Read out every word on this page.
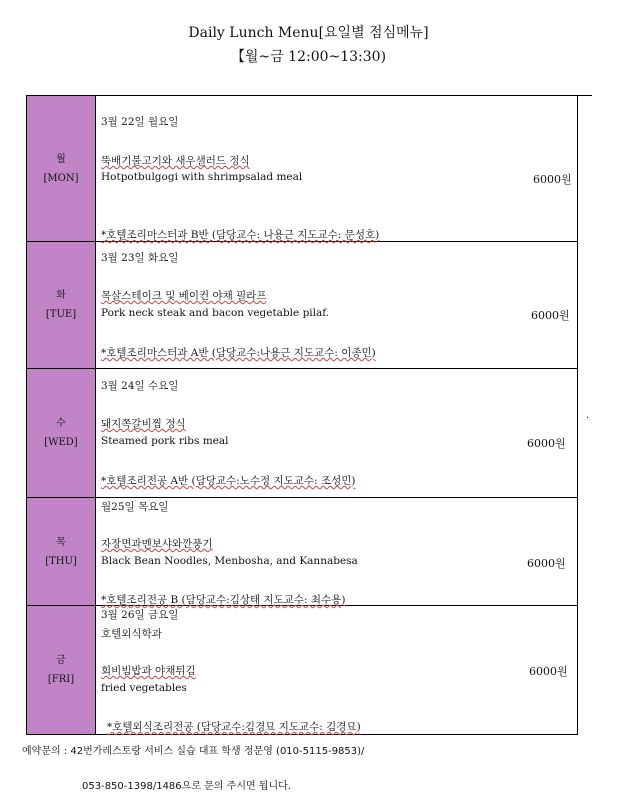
Daily Lunch Menu[요일별 점심메뉴]
【월~금 12:00~13:30)
월
[MON]
3월 22일 월요일
뚝배기불고기와 새우샐러드 정식
Hotpotbulgogi with shrimpsalad meal	6000원
*호텔조리마스터과 B반 (담당교수: 나용근 지도교수: 문성호)
화
[TUE]
3월 23일 화요일
목살스테이크 및 베이컨 야채 필라프
Pork neck steak and bacon vegetable pilaf.	6000원
*호텔조리마스터과 A반 (담당교수:나용근 지도교수: 이종민)
수
[WED]
3월 24일 수요일
돼지쪽갈비찜 정식
Steamed pork ribs meal	6000원
*호텔조리전공 A반 (담당교수:노수정 지도교수: 조성민)
목
[THU]
월25일 목요일
자장면과멘보샤와깐풍기
Black Bean Noodles, Menbosha, and Kannabesa	6000원
*호텔조리전공 B (담당교수:김상태 지도교수: 최수용)
금
[FRI]
3월 26일 금요일
호텔외식학과
회비빔밥과 야채튀김
fried vegetables
6000원
*호텔외식조리전공 (담당교수:김경묘 지도교수: 김경묘)
.
예약문의 : 42번가레스토랑 서비스 실습 대표 학생 정문영 (010-5115-9853)/
053-850-1398/1486으로 문의 주시면 됩니다.
